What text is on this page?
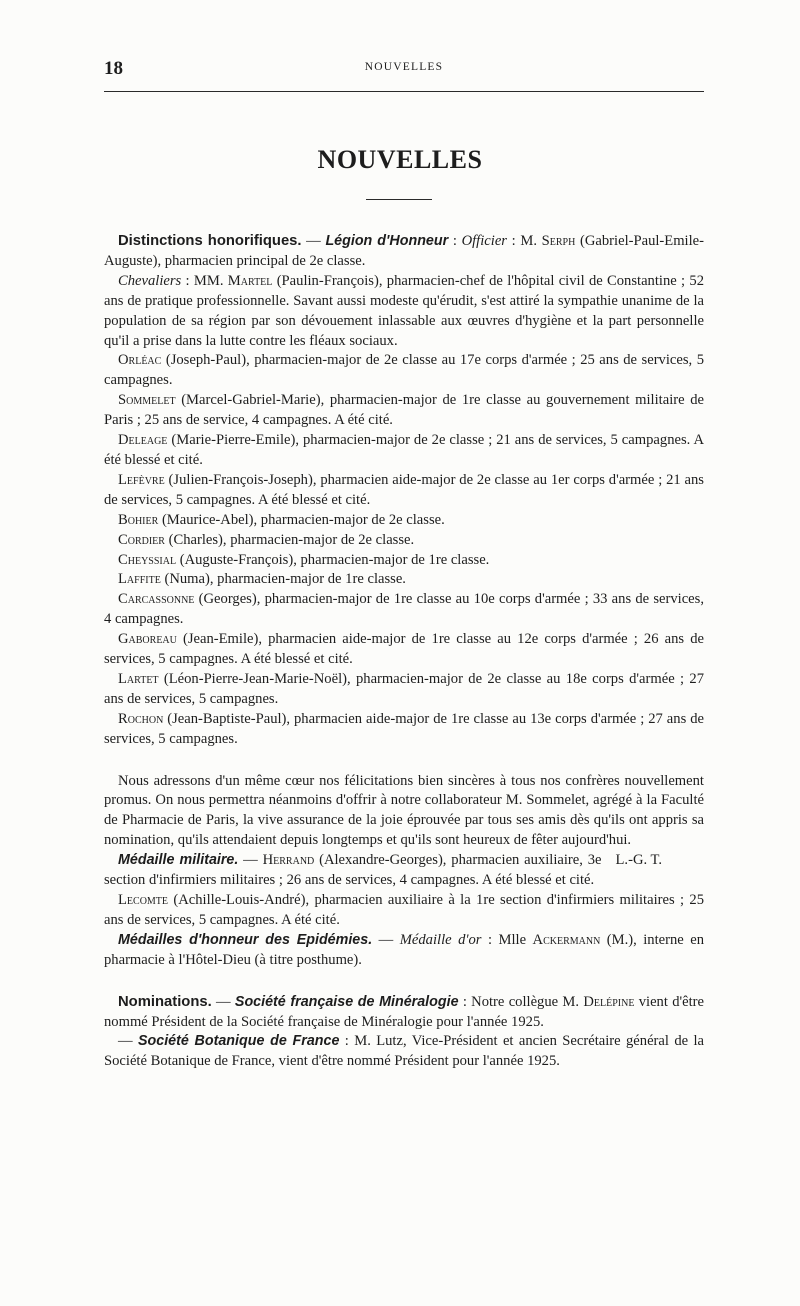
18	NOUVELLES
NOUVELLES

Distinctions honorifiques. — Légion d'Honneur : Officier : M. Serph (Gabriel-Paul-Emile-Auguste), pharmacien principal de 2e classe.

Chevaliers : MM. Martel (Paulin-François), pharmacien-chef de l'hôpital civil de Constantine ; 52 ans de pratique professionnelle. Savant aussi modeste qu'érudit, s'est attiré la sympathie unanime de la population de sa région par son dévouement inlassable aux œuvres d'hygiène et la part personnelle qu'il a prise dans la lutte contre les fléaux sociaux.

Orléac (Joseph-Paul), pharmacien-major de 2e classe au 17e corps d'armée ; 25 ans de services, 5 campagnes.

Sommelet (Marcel-Gabriel-Marie), pharmacien-major de 1re classe au gouvernement militaire de Paris ; 25 ans de service, 4 campagnes. A été cité.

Deleage (Marie-Pierre-Emile), pharmacien-major de 2e classe ; 21 ans de services, 5 campagnes. A été blessé et cité.

Lefèvre (Julien-François-Joseph), pharmacien aide-major de 2e classe au 1er corps d'armée ; 21 ans de services, 5 campagnes. A été blessé et cité.

Bohier (Maurice-Abel), pharmacien-major de 2e classe.

Cordier (Charles), pharmacien-major de 2e classe.

Cheyssial (Auguste-François), pharmacien-major de 1re classe.

Laffite (Numa), pharmacien-major de 1re classe.

Carcassonne (Georges), pharmacien-major de 1re classe au 10e corps d'armée ; 33 ans de services, 4 campagnes.

Gaboreau (Jean-Emile), pharmacien aide-major de 1re classe au 12e corps d'armée ; 26 ans de services, 5 campagnes. A été blessé et cité.

Lartet (Léon-Pierre-Jean-Marie-Noël), pharmacien-major de 2e classe au 18e corps d'armée ; 27 ans de services, 5 campagnes.

Rochon (Jean-Baptiste-Paul), pharmacien aide-major de 1re classe au 13e corps d'armée ; 27 ans de services, 5 campagnes.

Nous adressons d'un même cœur nos félicitations bien sincères à tous nos confrères nouvellement promus. On nous permettra néanmoins d'offrir à notre collaborateur M. Sommelet, agrégé à la Faculté de Pharmacie de Paris, la vive assurance de la joie éprouvée par tous ses amis dès qu'ils ont appris sa nomination, qu'ils attendaient depuis longtemps et qu'ils sont heureux de fêter aujourd'hui.
L.-G. T.

Médaille militaire. — Herrand (Alexandre-Georges), pharmacien auxiliaire, 3e section d'infirmiers militaires ; 26 ans de services, 4 campagnes. A été blessé et cité.

Lecomte (Achille-Louis-André), pharmacien auxiliaire à la 1re section d'infirmiers militaires ; 25 ans de services, 5 campagnes. A été cité.

Médailles d'honneur des Epidémies. — Médaille d'or : Mlle Ackermann (M.), interne en pharmacie à l'Hôtel-Dieu (à titre posthume).

Nominations. — Société française de Minéralogie : Notre collègue M. Delépine vient d'être nommé Président de la Société française de Minéralogie pour l'année 1925.

— Société Botanique de France : M. Lutz, Vice-Président et ancien Secrétaire général de la Société Botanique de France, vient d'être nommé Président pour l'année 1925.
